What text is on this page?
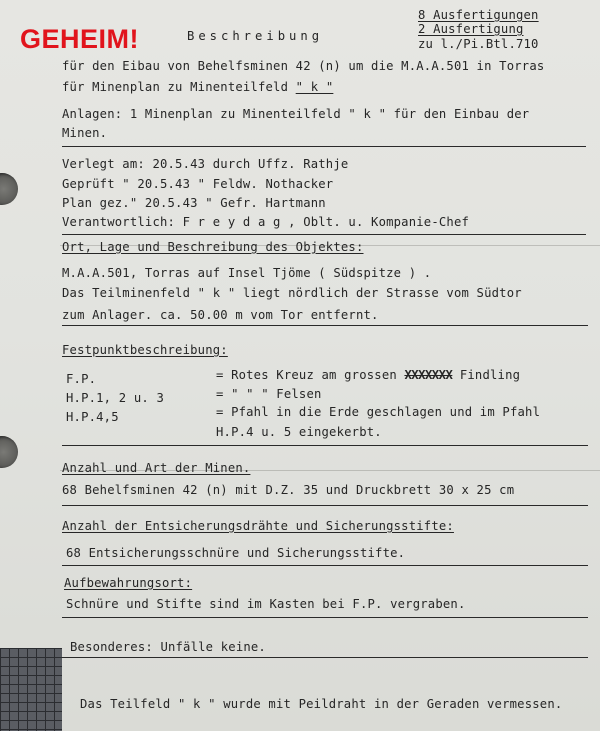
GEHEIM!	Beschreibung
8 Ausfertigungen
2 Ausfertigung
zu l./Pi.Btl.710
für den Eibau von Behelfsminen 42 (n) um die M.A.A.501 in Torras
für Minenplan zu Minenteilfeld " k "
Anlagen: 1 Minenplan zu Minenteilfeld " k " für den Einbau der
Minen.
Verlegt am: 20.5.43 durch Uffz. Rathje
Geprüft " 20.5.43 " Feldw. Nothacker
Plan gez." 20.5.43 " Gefr. Hartmann
Verantwortlich: F r e y d a g , Oblt. u. Kompanie-Chef
Ort, Lage und Beschreibung des Objektes:
M.A.A.501, Torras auf Insel Tjöme ( Südspitze ) .
Das Teilminenfeld " k " liegt nördlich der Strasse vom Südtor
zum Anlager. ca. 50.00 m vom Tor entfernt.
Festpunktbeschreibung:
F.P.	= Rotes Kreuz am grossen XXXXXXX Findling
H.P.1, 2 u. 3	= " " " Felsen
H.P.4,5	= Pfahl in die Erde geschlagen und im Pfahl
H.P.4 u. 5 eingekerbt.
Anzahl und Art der Minen.
68 Behelfsminen 42 (n) mit D.Z. 35 und Druckbrett 30 x 25 cm
Anzahl der Entsicherungsdrähte und Sicherungsstifte:
68 Entsicherungsschnüre und Sicherungsstifte.
Aufbewahrungsort:
Schnüre und Stifte sind im Kasten bei F.P. vergraben.
Besonderes: Unfälle keine.
Das Teilfeld " k " wurde mit Peildraht in der Geraden vermessen.
